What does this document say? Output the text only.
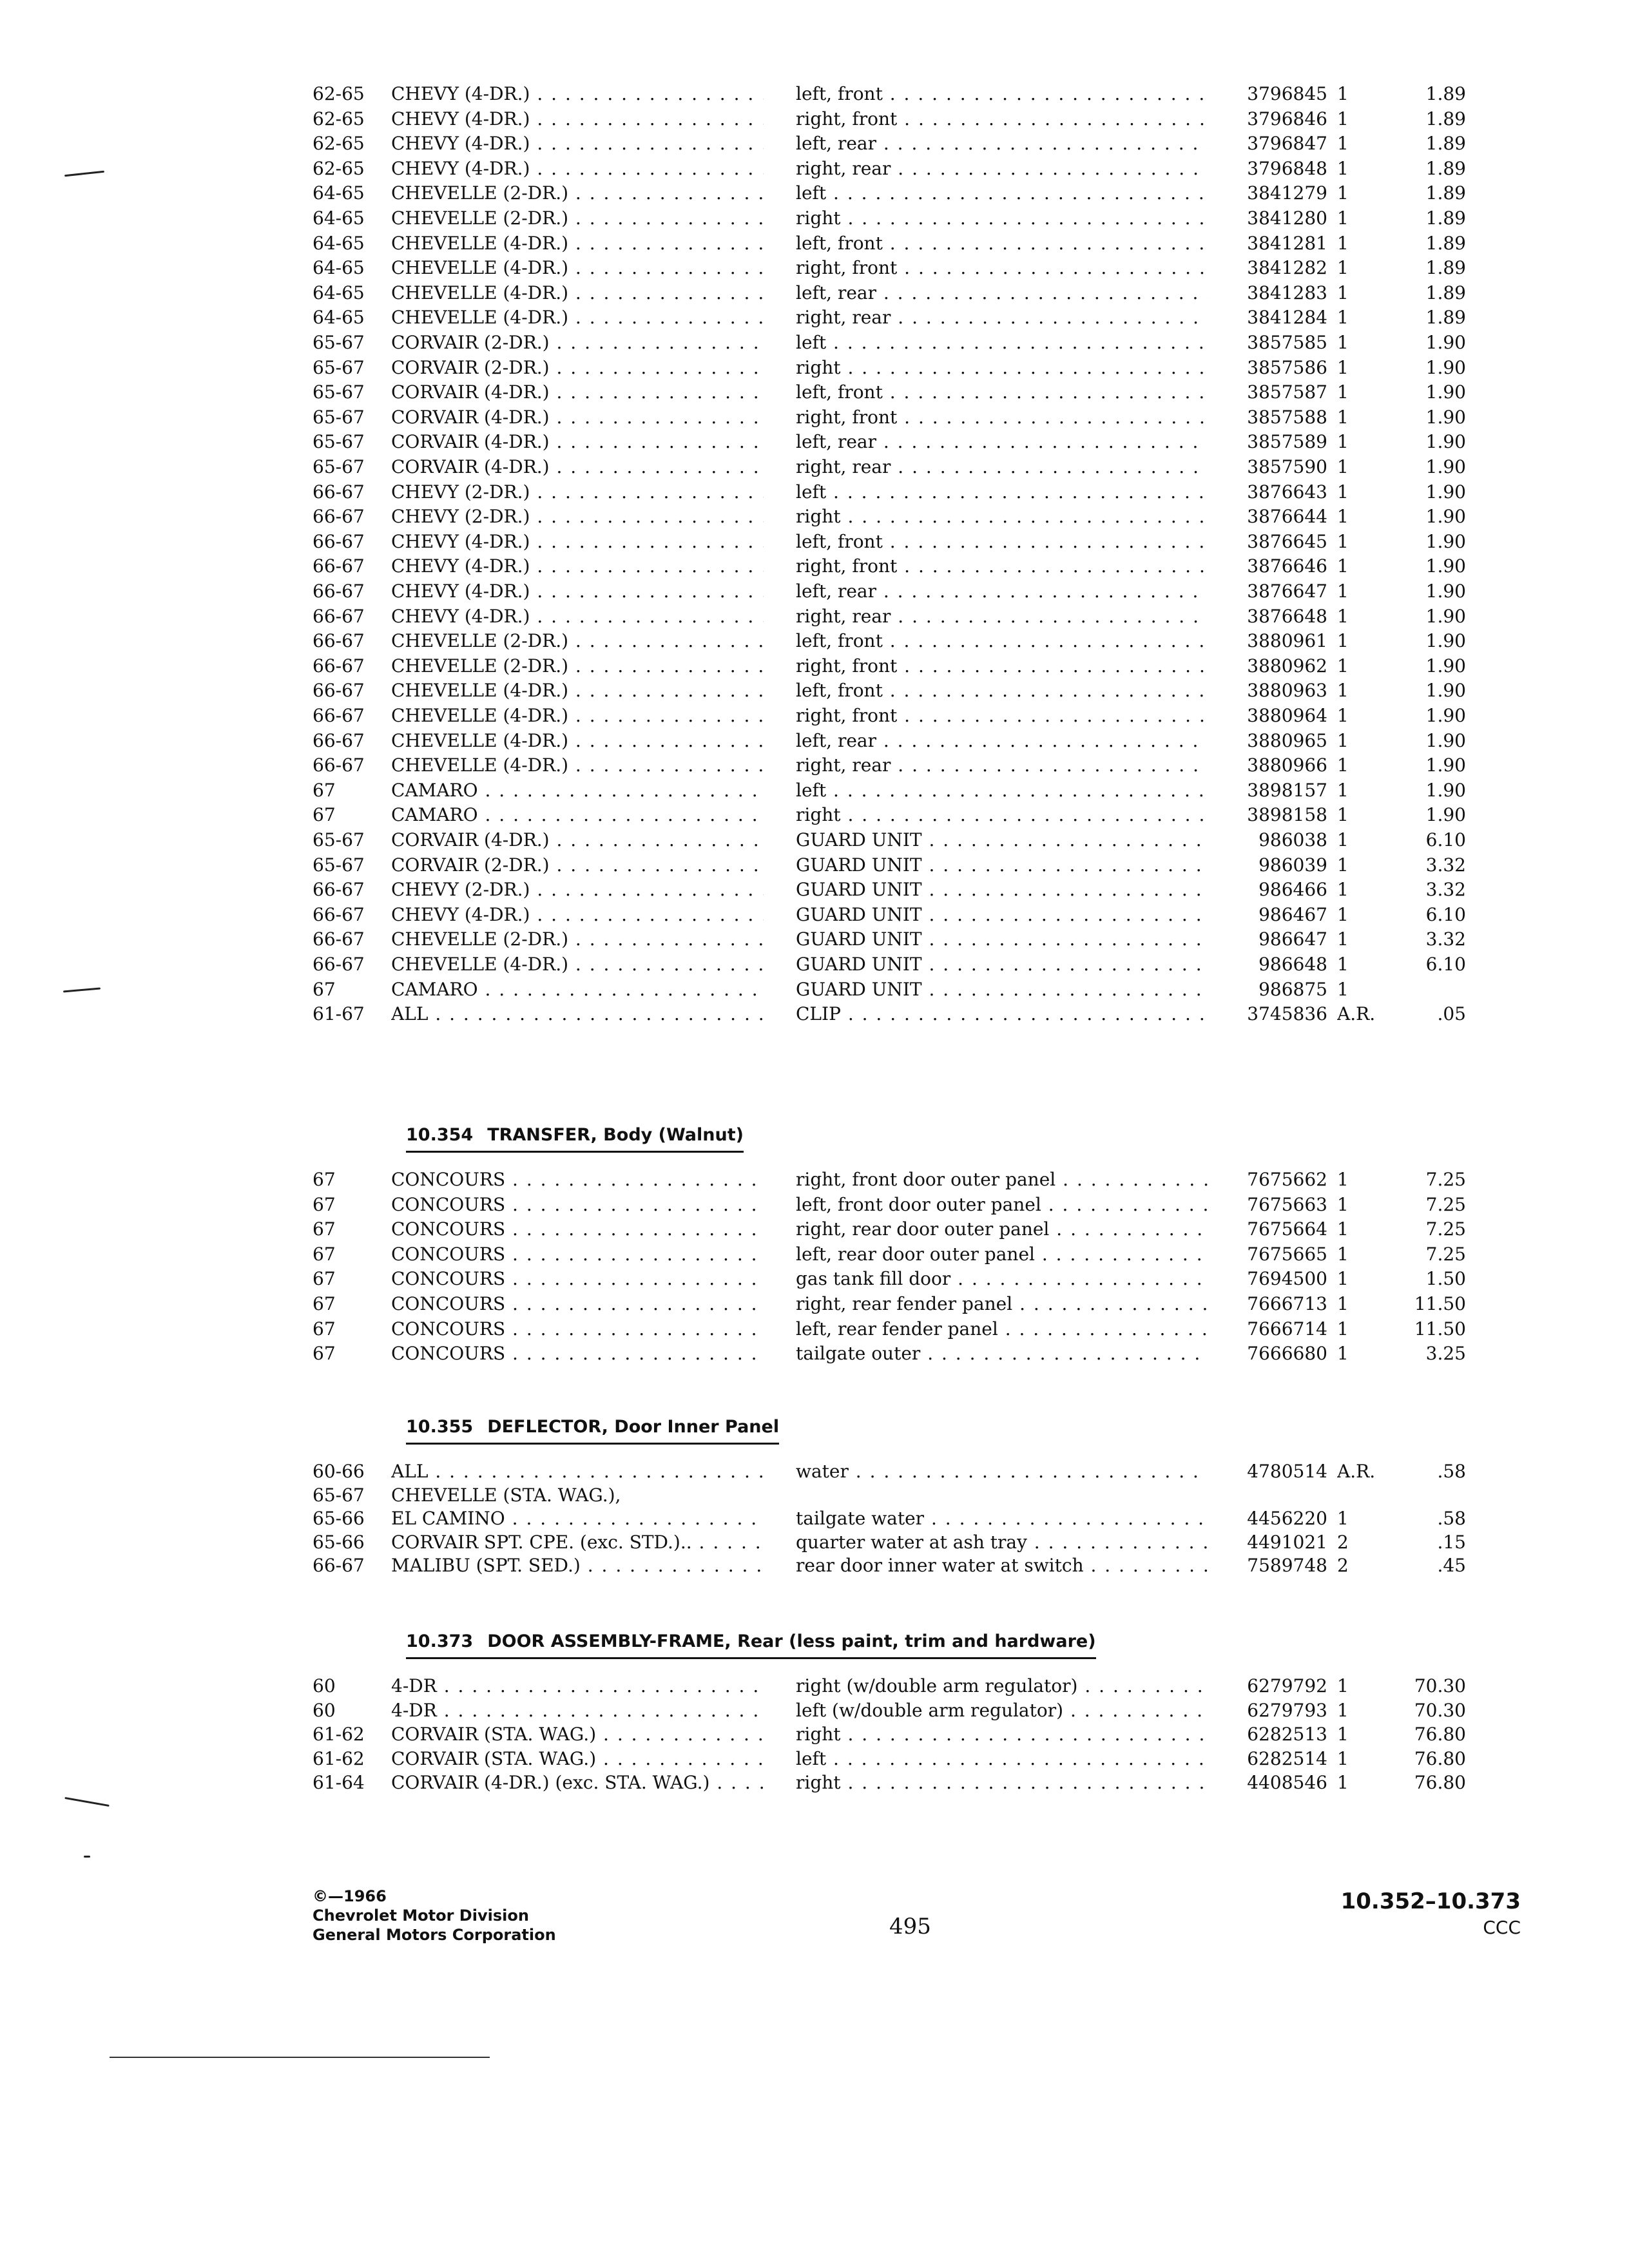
62-65	CHEVY (4-DR.) . . .	left, front . . .	3796845 1	1.89
62-65	CHEVY (4-DR.) . . .	right, front . . .	3796846 1	1.89
62-65	CHEVY (4-DR.) . . .	left, rear . . .	3796847 1	1.89
62-65	CHEVY (4-DR.) . . .	right, rear . . .	3796848 1	1.89
64-65	CHEVELLE (2-DR.) . . .	left . . .	3841279 1	1.89
64-65	CHEVELLE (2-DR.) . . .	right . . .	3841280 1	1.89
64-65	CHEVELLE (4-DR.) . . .	left, front . . .	3841281 1	1.89
64-65	CHEVELLE (4-DR.) . . .	right, front . . .	3841282 1	1.89
64-65	CHEVELLE (4-DR.) . . .	left, rear . . .	3841283 1	1.89
64-65	CHEVELLE (4-DR.) . . .	right, rear . . .	3841284 1	1.89
65-67	CORVAIR (2-DR.) . . .	left . . .	3857585 1	1.90
65-67	CORVAIR (2-DR.) . . .	right . . .	3857586 1	1.90
65-67	CORVAIR (4-DR.) . . .	left, front . . .	3857587 1	1.90
65-67	CORVAIR (4-DR.) . . .	right, front . . .	3857588 1	1.90
65-67	CORVAIR (4-DR.) . . .	left, rear . . .	3857589 1	1.90
65-67	CORVAIR (4-DR.) . . .	right, rear . . .	3857590 1	1.90
66-67	CHEVY (2-DR.) . . .	left . . .	3876643 1	1.90
66-67	CHEVY (2-DR.) . . .	right . . .	3876644 1	1.90
66-67	CHEVY (4-DR.) . . .	left, front . . .	3876645 1	1.90
66-67	CHEVY (4-DR.) . . .	right, front . . .	3876646 1	1.90
66-67	CHEVY (4-DR.) . . .	left, rear . . .	3876647 1	1.90
66-67	CHEVY (4-DR.) . . .	right, rear . . .	3876648 1	1.90
66-67	CHEVELLE (2-DR.) . . .	left, front . . .	3880961 1	1.90
66-67	CHEVELLE (2-DR.) . . .	right, front . . .	3880962 1	1.90
66-67	CHEVELLE (4-DR.) . . .	left, front . . .	3880963 1	1.90
66-67	CHEVELLE (4-DR.) . . .	right, front . . .	3880964 1	1.90
66-67	CHEVELLE (4-DR.) . . .	left, rear . . .	3880965 1	1.90
66-67	CHEVELLE (4-DR.) . . .	right, rear . . .	3880966 1	1.90
67	CAMARO . . .	left . . .	3898157 1	1.90
67	CAMARO . . .	right . . .	3898158 1	1.90
65-67	CORVAIR (4-DR.) . . .	GUARD UNIT . . .	986038 1	6.10
65-67	CORVAIR (2-DR.) . . .	GUARD UNIT . . .	986039 1	3.32
66-67	CHEVY (2-DR.) . . .	GUARD UNIT . . .	986466 1	3.32
66-67	CHEVY (4-DR.) . . .	GUARD UNIT . . .	986467 1	6.10
66-67	CHEVELLE (2-DR.) . . .	GUARD UNIT . . .	986647 1	3.32
66-67	CHEVELLE (4-DR.) . . .	GUARD UNIT . . .	986648 1	6.10
67	CAMARO . . .	GUARD UNIT . . .	986875 1
61-67	ALL . . .	CLIP . . .	3745836 A.R.	.05
10.354 TRANSFER, Body (Walnut)
67	CONCOURS . . .	right, front door outer panel . . .	7675662 1	7.25
67	CONCOURS . . .	left, front door outer panel . . .	7675663 1	7.25
67	CONCOURS . . .	right, rear door outer panel . . .	7675664 1	7.25
67	CONCOURS . . .	left, rear door outer panel . . .	7675665 1	7.25
67	CONCOURS . . .	gas tank fill door . . .	7694500 1	1.50
67	CONCOURS . . .	right, rear fender panel . . .	7666713 1	11.50
67	CONCOURS . . .	left, rear fender panel . . .	7666714 1	11.50
67	CONCOURS . . .	tailgate outer . . .	7666680 1	3.25
10.355 DEFLECTOR, Door Inner Panel
60-66	ALL . . .	water . . .	4780514 A.R.	.58
65-67	CHEVELLE (STA. WAG.),
65-66	EL CAMINO . . .	tailgate water . . .	4456220 1	.58
65-66	CORVAIR SPT. CPE. (exc. STD.).. . . .	quarter water at ash tray . . .	4491021 2	.15
66-67	MALIBU (SPT. SED.) . . .	rear door inner water at switch . . .	7589748 2	.45
10.373 DOOR ASSEMBLY-FRAME, Rear (less paint, trim and hardware)
60	4-DR . . .	right (w/double arm regulator) . . .	6279792 1	70.30
60	4-DR . . .	left (w/double arm regulator) . . .	6279793 1	70.30
61-62	CORVAIR (STA. WAG.) . . .	right . . .	6282513 1	76.80
61-62	CORVAIR (STA. WAG.) . . .	left . . .	6282514 1	76.80
61-64	CORVAIR (4-DR.) (exc. STA. WAG.) . . .	right . . .	4408546 1	76.80
©—1966
Chevrolet Motor Division
General Motors Corporation	495
10.352–10.373
CCC
